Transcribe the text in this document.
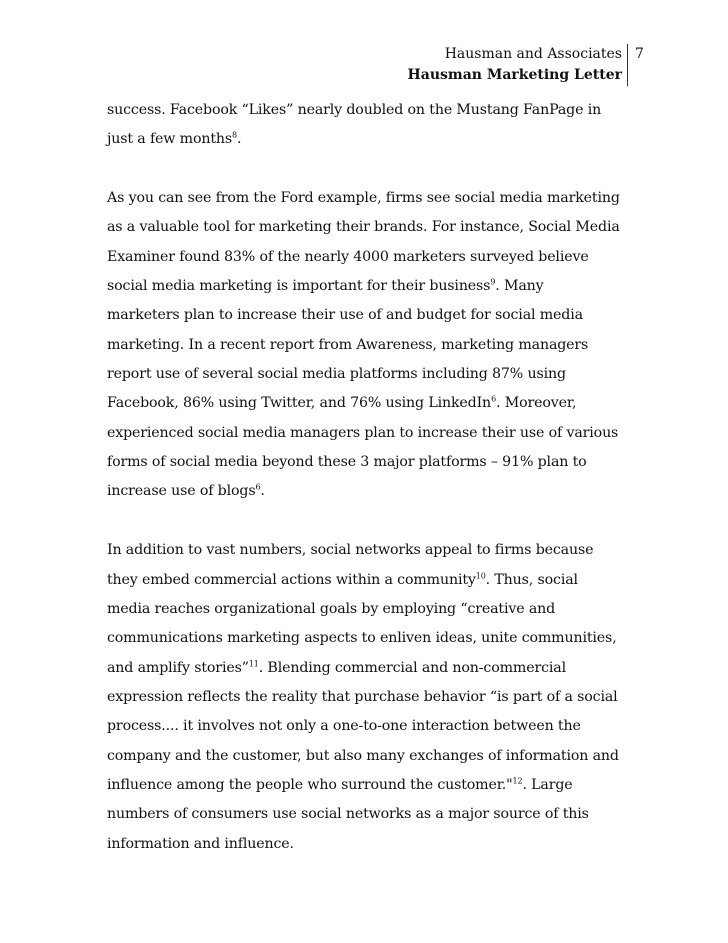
Hausman and Associates
Hausman Marketing Letter
7
success. Facebook “Likes” nearly doubled on the Mustang FanPage in
just a few months$^8$.
As you can see from the Ford example, firms see social media marketing
as a valuable tool for marketing their brands. For instance, Social Media
Examiner found 83% of the nearly 4000 marketers surveyed believe
social media marketing is important for their business$^9$. Many
marketers plan to increase their use of and budget for social media
marketing. In a recent report from Awareness, marketing managers
report use of several social media platforms including 87% using
Facebook, 86% using Twitter, and 76% using LinkedIn$^6$. Moreover,
experienced social media managers plan to increase their use of various
forms of social media beyond these 3 major platforms – 91% plan to
increase use of blogs$^6$.
In addition to vast numbers, social networks appeal to firms because
they embed commercial actions within a community$^{10}$. Thus, social
media reaches organizational goals by employing “creative and
communications marketing aspects to enliven ideas, unite communities,
and amplify stories”$^{11}$. Blending commercial and non-commercial
expression reflects the reality that purchase behavior “is part of a social
process.... it involves not only a one-to-one interaction between the
company and the customer, but also many exchanges of information and
influence among the people who surround the customer."$^{12}$. Large
numbers of consumers use social networks as a major source of this
information and influence.
